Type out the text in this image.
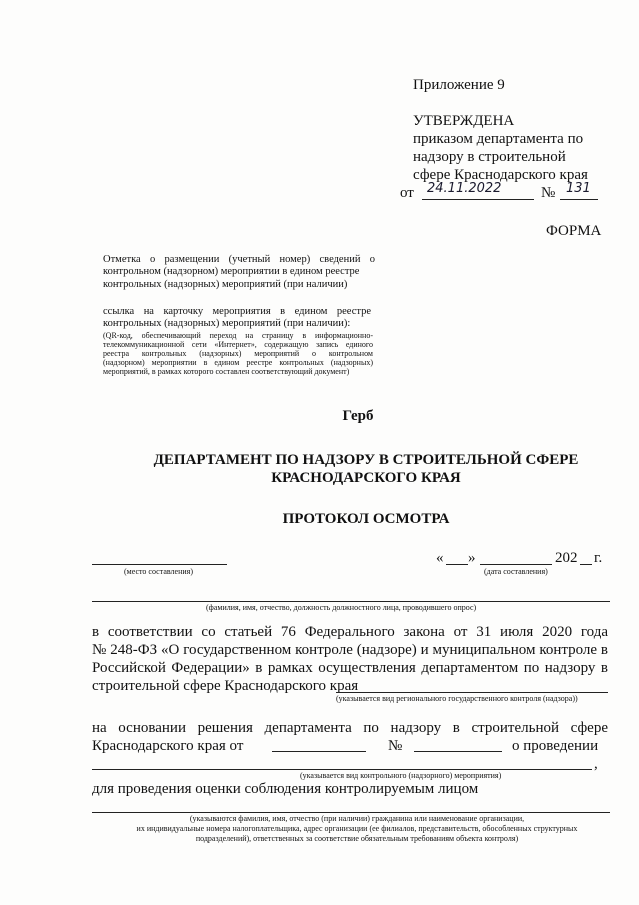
Приложение 9
УТВЕРЖДЕНА
приказом департамента по
надзору в строительной
сфере Краснодарского края
от 24.11.2022	№ 131
ФОРМА
Отметка о размещении (учетный номер) сведений о
контрольном (надзорном) мероприятии в едином реестре
контрольных (надзорных) мероприятий (при наличии)
ссылка на карточку мероприятия в едином реестре
контрольных (надзорных) мероприятий (при наличии):
(QR-код, обеспечивающий переход на страницу в информационно-
телекоммуникационной сети «Интернет», содержащую запись единого
реестра контрольных (надзорных) мероприятий о контрольном
(надзорном) мероприятии в едином реестре контрольных (надзорных)
мероприятий, в рамках которого составлен соответствующий документ)
Герб
ДЕПАРТАМЕНТ ПО НАДЗОРУ В СТРОИТЕЛЬНОЙ СФЕРЕ
КРАСНОДАРСКОГО КРАЯ
ПРОТОКОЛ ОСМОТРА
(место составления)
« »	202 г.
(дата составления)
(фамилия, имя, отчество, должность должностного лица, проводившего опрос)
в соответствии со статьей 76 Федерального закона от 31 июля 2020 года
№ 248-ФЗ «О государственном контроле (надзоре) и муниципальном контроле в
Российской Федерации» в рамках осуществления департаментом по надзору в
строительной сфере Краснодарского края
(указывается вид регионального государственного контроля (надзора))
на основании решения департамента по надзору в строительной сфере
Краснодарского края от	№	о проведении
,
(указывается вид контрольного (надзорного) мероприятия)
для проведения оценки соблюдения контролируемым лицом
(указываются фамилия, имя, отчество (при наличии) гражданина или наименование организации,
их индивидуальные номера налогоплательщика, адрес организации (ее филиалов, представительств, обособленных структурных
подразделений), ответственных за соответствие обязательным требованиям объекта контроля)
